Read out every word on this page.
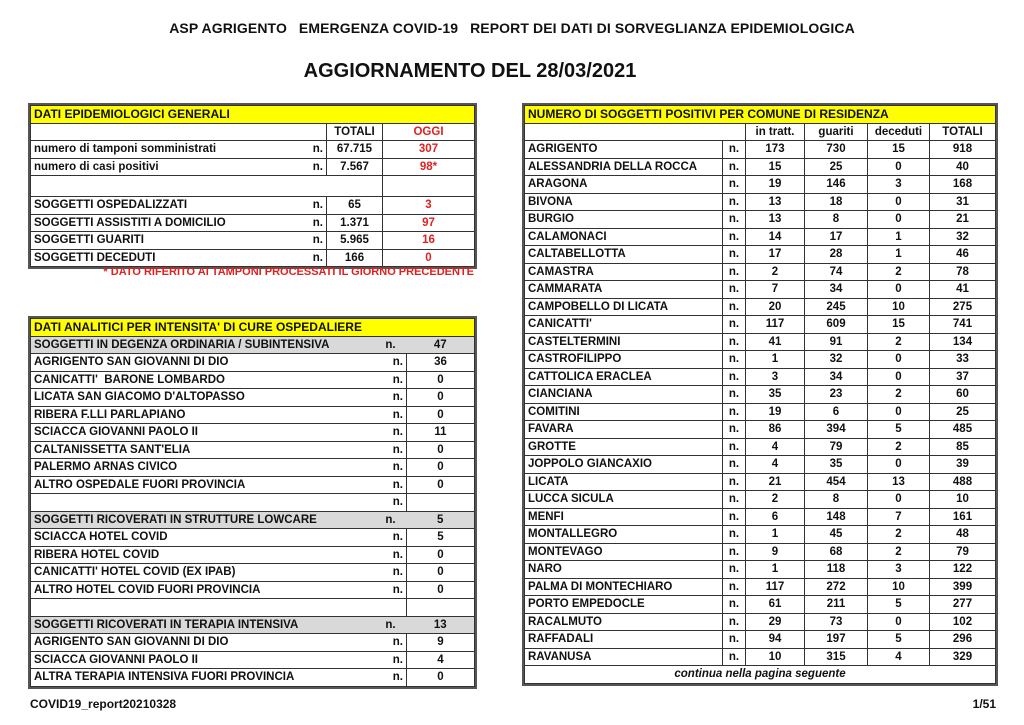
ASP AGRIGENTO   EMERGENZA COVID-19   REPORT DEI DATI DI SORVEGLIANZA EPIDEMIOLOGICA
AGGIORNAMENTO DEL 28/03/2021
DATI EPIDEMIOLOGICI GENERALI		
	TOTALI	OGGI
numero di tamponi somministrati n.	67.715	307
numero di casi positivi n.	7.567	98*

SOGGETTI OSPEDALIZZATI n.	65	3
SOGGETTI ASSISTITI A DOMICILIO n.	1.371	97
SOGGETTI GUARITI n.	5.965	16
SOGGETTI DECEDUTI n.	166	0
* DATO RIFERITO AI TAMPONI PROCESSATI IL GIORNO PRECEDENTE
DATI ANALITICI PER INTENSITA' DI CURE OSPEDALIERE		
SOGGETTI IN DEGENZA ORDINARIA / SUBINTENSIVA	n.	47
AGRIGENTO SAN GIOVANNI DI DIO	n.	36
CANICATTI'  BARONE LOMBARDO	n.	0
LICATA SAN GIACOMO D'ALTOPASSO	n.	0
RIBERA F.LLI PARLAPIANO	n.	0
SCIACCA GIOVANNI PAOLO II	n.	11
CALTANISSETTA SANT'ELIA	n.	0
PALERMO ARNAS CIVICO	n.	0
ALTRO OSPEDALE FUORI PROVINCIA	n.	0
	n.	
SOGGETTI RICOVERATI IN STRUTTURE LOWCARE	n.	5
SCIACCA HOTEL COVID	n.	5
RIBERA HOTEL COVID	n.	0
CANICATTI' HOTEL COVID (EX IPAB)	n.	0
ALTRO HOTEL COVID FUORI PROVINCIA	n.	0

SOGGETTI RICOVERATI IN TERAPIA INTENSIVA	n.	13
AGRIGENTO SAN GIOVANNI DI DIO	n.	9
SCIACCA GIOVANNI PAOLO II	n.	4
ALTRA TERAPIA INTENSIVA FUORI PROVINCIA	n.	0
NUMERO DI SOGGETTI POSITIVI PER COMUNE DI RESIDENZA					
		in tratt.	guariti	deceduti	TOTALI
AGRIGENTO	n.	173	730	15	918
ALESSANDRIA DELLA ROCCA	n.	15	25	0	40
ARAGONA	n.	19	146	3	168
BIVONA	n.	13	18	0	31
BURGIO	n.	13	8	0	21
CALAMONACI	n.	14	17	1	32
CALTABELLOTTA	n.	17	28	1	46
CAMASTRA	n.	2	74	2	78
CAMMARATA	n.	7	34	0	41
CAMPOBELLO DI LICATA	n.	20	245	10	275
CANICATTI'	n.	117	609	15	741
CASTELTERMINI	n.	41	91	2	134
CASTROFILIPPO	n.	1	32	0	33
CATTOLICA ERACLEA	n.	3	34	0	37
CIANCIANA	n.	35	23	2	60
COMITINI	n.	19	6	0	25
FAVARA	n.	86	394	5	485
GROTTE	n.	4	79	2	85
JOPPOLO GIANCAXIO	n.	4	35	0	39
LICATA	n.	21	454	13	488
LUCCA SICULA	n.	2	8	0	10
MENFI	n.	6	148	7	161
MONTALLEGRO	n.	1	45	2	48
MONTEVAGO	n.	9	68	2	79
NARO	n.	1	118	3	122
PALMA DI MONTECHIARO	n.	117	272	10	399
PORTO EMPEDOCLE	n.	61	211	5	277
RACALMUTO	n.	29	73	0	102
RAFFADALI	n.	94	197	5	296
RAVANUSA	n.	10	315	4	329
continua nella pagina seguente					
COVID19_report20210328	1/51
